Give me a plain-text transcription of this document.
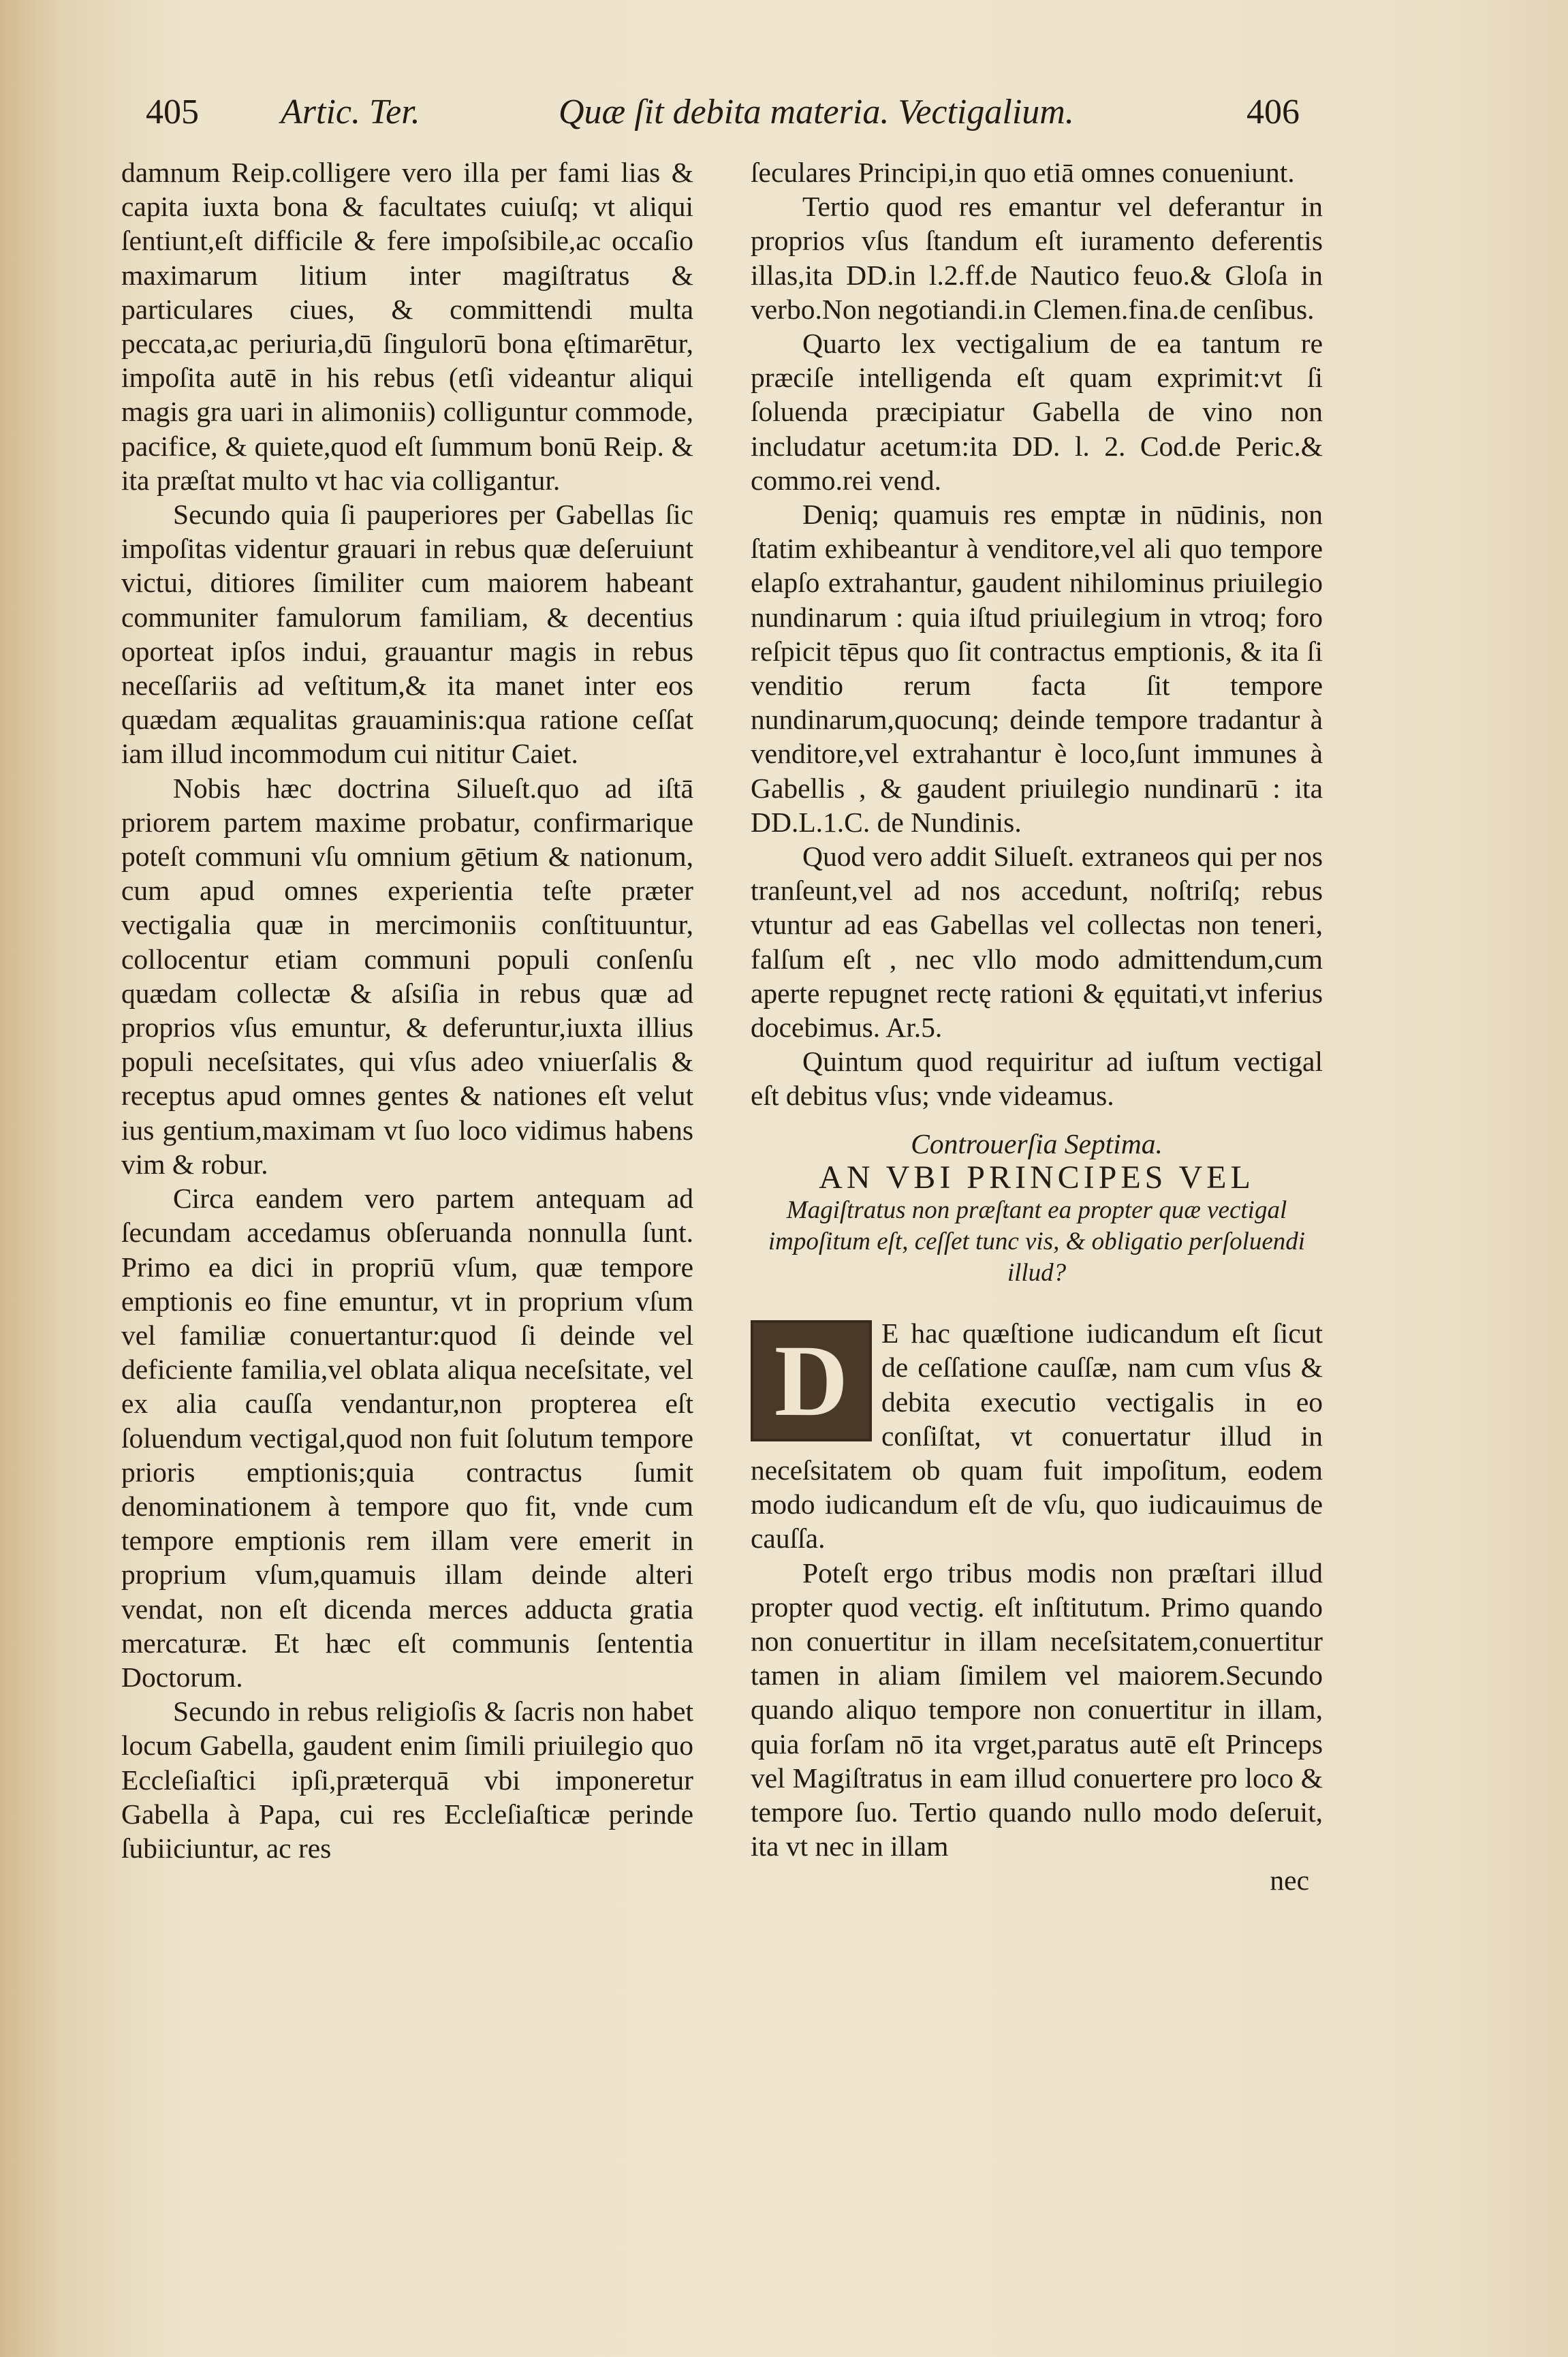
405 Artic. Ter.	Quæ ſit debita materia. Vectigalium.	406

damnum Reip.colligere vero illa per fami lias & capita iuxta bona & facultates cuiuſq; vt aliqui ſentiunt,eſt difficile & fere impoſsibile,ac occaſio maximarum litium inter magiſtratus & particulares ciues, & committendi multa peccata,ac periuria,dū ſingulorū bona ęſtimarētur, impoſita autē in his rebus (etſi videantur aliqui magis gra uari in alimoniis) colliguntur commode, pacifice, & quiete,quod eſt ſummum bonū Reip. & ita præſtat multo vt hac via colligantur.

Secundo quia ſi pauperiores per Gabellas ſic impoſitas videntur grauari in rebus quæ deſeruiunt victui, ditiores ſimiliter cum maiorem habeant communiter famulorum familiam, & decentius oporteat ipſos indui, grauantur magis in rebus neceſſariis ad veſtitum,& ita manet inter eos quædam æqualitas grauaminis:qua ratione ceſſat iam illud incommodum cui nititur Caiet.

Nobis hæc doctrina Silueſt.quo ad iſtā priorem partem maxime probatur, confirmarique poteſt communi vſu omnium gētium & nationum, cum apud omnes experientia teſte præter vectigalia quæ in mercimoniis conſtituuntur, collocentur etiam communi populi conſenſu quædam collectæ & aſsiſia in rebus quæ ad proprios vſus emuntur, & deferuntur,iuxta illius populi neceſsitates, qui vſus adeo vniuerſalis & receptus apud omnes gentes & nationes eſt velut ius gentium,maximam vt ſuo loco vidimus habens vim & robur.

Circa eandem vero partem antequam ad ſecundam accedamus obſeruanda nonnulla ſunt. Primo ea dici in propriū vſum, quæ tempore emptionis eo fine emuntur, vt in proprium vſum vel familiæ conuertantur:quod ſi deinde vel deficiente familia,vel oblata aliqua neceſsitate, vel ex alia cauſſa vendantur,non propterea eſt ſoluendum vectigal,quod non fuit ſolutum tempore prioris emptionis;quia contractus ſumit denominationem à tempore quo fit, vnde cum tempore emptionis rem illam vere emerit in proprium vſum,quamuis illam deinde alteri vendat, non eſt dicenda merces adducta gratia mercaturæ. Et hæc eſt communis ſententia Doctorum.

Secundo in rebus religioſis & ſacris non habet locum Gabella, gaudent enim ſimili priuilegio quo Eccleſiaſtici ipſi,præterquā vbi imponeretur Gabella à Papa, cui res Eccleſiaſticæ perinde ſubiiciuntur, ac res

ſeculares Principi,in quo etiā omnes conueniunt.

Tertio quod res emantur vel deferantur in proprios vſus ſtandum eſt iuramento deferentis illas,ita DD.in l.2.ff.de Nautico feuo.& Gloſa in verbo.Non negotiandi.in Clemen.fina.de cenſibus.

Quarto lex vectigalium de ea tantum re præciſe intelligenda eſt quam exprimit:vt ſi ſoluenda præcipiatur Gabella de vino non includatur acetum:ita DD. l. 2. Cod.de Peric.& commo.rei vend.

Deniq; quamuis res emptæ in nūdinis, non ſtatim exhibeantur à venditore,vel ali quo tempore elapſo extrahantur, gaudent nihilominus priuilegio nundinarum : quia iſtud priuilegium in vtroq; foro reſpicit tēpus quo ſit contractus emptionis, & ita ſi venditio rerum facta ſit tempore nundinarum,quocunq; deinde tempore tradantur à venditore,vel extrahantur è loco,ſunt immunes à Gabellis , & gaudent priuilegio nundinarū : ita DD.L.1.C. de Nundinis.

Quod vero addit Silueſt. extraneos qui per nos tranſeunt,vel ad nos accedunt, noſtriſq; rebus vtuntur ad eas Gabellas vel collectas non teneri, falſum eſt , nec vllo modo admittendum,cum aperte repugnet rectę rationi & ęquitati,vt inferius docebimus. Ar.5.

Quintum quod requiritur ad iuſtum vectigal eſt debitus vſus; vnde videamus.

Controuerſia Septima.

AN VBI PRINCIPES VEL

Magiſtratus non præſtant ea propter quæ vectigal impoſitum eſt, ceſſet tunc vis, & obligatio perſoluendi illud?

D	E hac quæſtione iudicandum eſt ſicut de ceſſatione cauſſæ, nam cum vſus & debita executio vectigalis in eo conſiſtat, vt conuertatur illud in neceſsitatem ob quam fuit impoſitum, eodem modo iudicandum eſt de vſu, quo iudicauimus de cauſſa.

Poteſt ergo tribus modis non præſtari illud propter quod vectig. eſt inſtitutum. Primo quando non conuertitur in illam neceſsitatem,conuertitur tamen in aliam ſimilem vel maiorem.Secundo quando aliquo tempore non conuertitur in illam, quia forſam nō ita vrget,paratus autē eſt Princeps vel Magiſtratus in eam illud conuertere pro loco & tempore ſuo. Tertio quando nullo modo deſeruit, ita vt nec in illam

nec
